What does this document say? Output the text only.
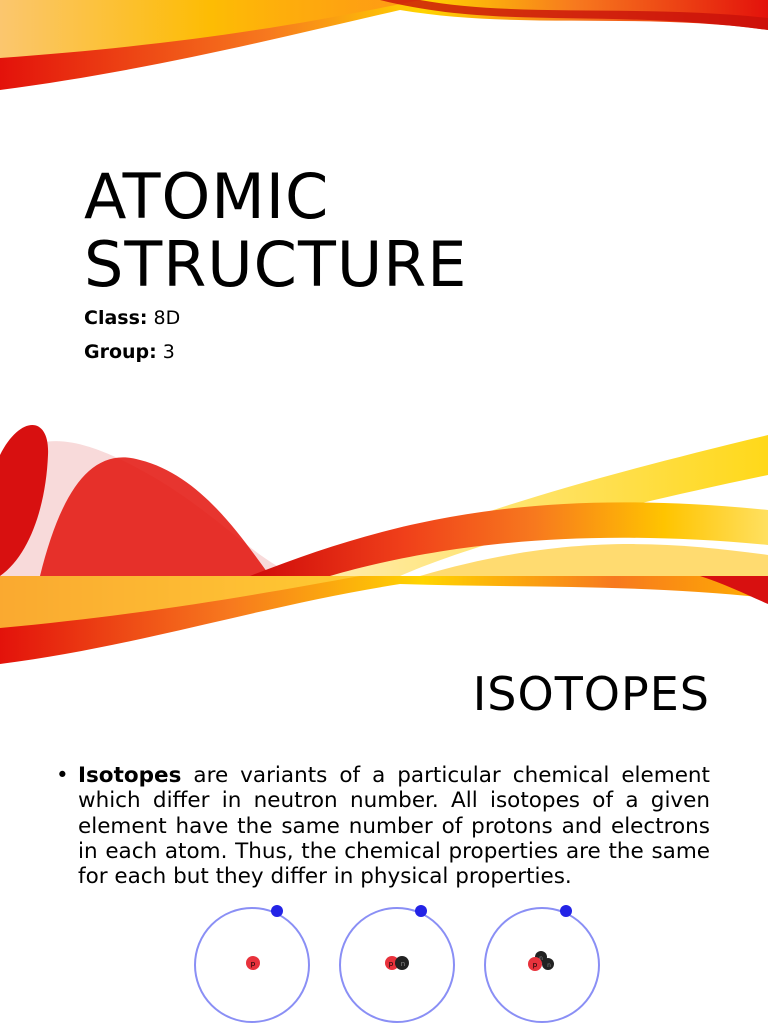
ATOMIC
STRUCTURE
Class: 8D
Group: 3
ISOTOPES
• Isotopes are variants of a particular chemical element which differ in neutron number. All isotopes of a given element have the same number of protons and electrons in each atom. Thus, the chemical properties are the same for each but they differ in physical properties.
p	p n	p
n
n
